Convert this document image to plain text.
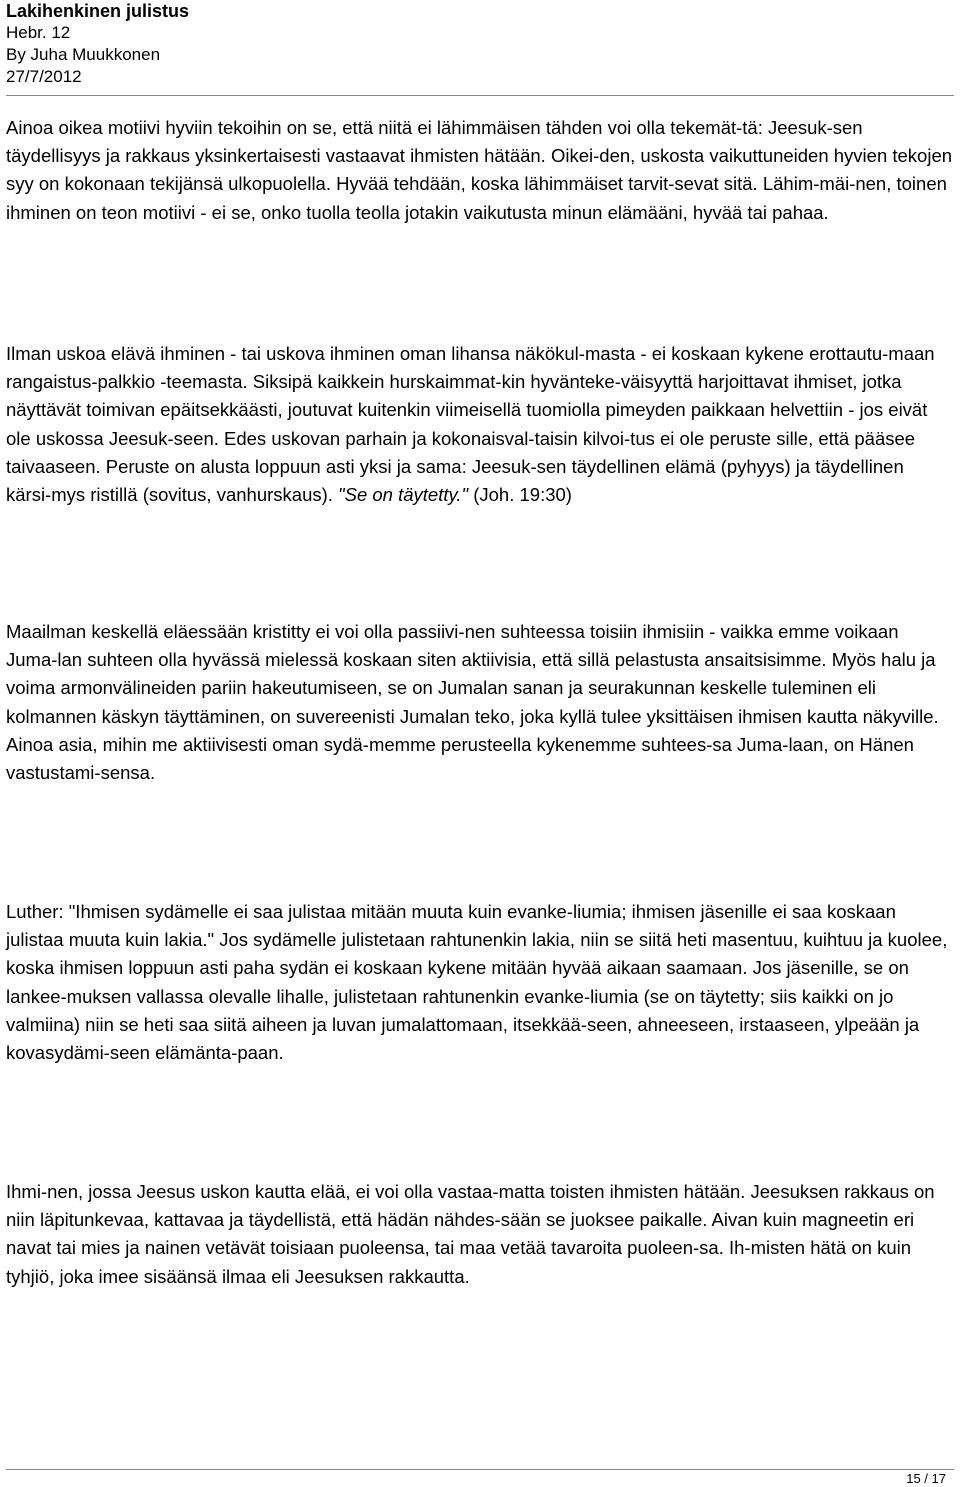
Lakihenkinen julistus

Hebr. 12

By Juha Muukkonen

27/7/2012

Ainoa oikea motiivi hyviin tekoihin on se, että niitä ei lähimmäisen tähden voi olla tekemät-tä: Jeesuk-sen täydellisyys ja rakkaus yksinkertaisesti vastaavat ihmisten hätään. Oikei-den, uskosta vaikuttuneiden hyvien tekojen syy on kokonaan tekijänsä ulkopuolella. Hyvää tehdään, koska lähimmäiset tarvit-sevat sitä. Lähim-mäi-nen, toinen ihminen on teon motiivi - ei se, onko tuolla teolla jotakin vaikutusta minun elämääni, hyvää tai pahaa.

Ilman uskoa elävä ihminen - tai uskova ihminen oman lihansa näkökul-masta - ei koskaan kykene erottautu-maan rangaistus-palkkio -teemasta. Siksipä kaikkein hurskaimmat-kin hyvänteke-väisyyttä harjoittavat ihmiset, jotka näyttävät toimivan epäitsekkäästi, joutuvat kuitenkin viimeisellä tuomiolla pimeyden paikkaan helvettiin - jos eivät ole uskossa Jeesuk-seen. Edes uskovan parhain ja kokonaisval-taisin kilvoi-tus ei ole peruste sille, että pääsee taivaaseen. Peruste on alusta loppuun asti yksi ja sama: Jeesuk-sen täydellinen elämä (pyhyys) ja täydellinen kärsi-mys ristillä (sovitus, vanhurskaus). "Se on täytetty." (Joh. 19:30)

Maailman keskellä eläessään kristitty ei voi olla passiivi-nen suhteessa toisiin ihmisiin - vaikka emme voikaan Juma-lan suhteen olla hyvässä mielessä koskaan siten aktiivisia, että sillä pelastusta ansaitsisimme. Myös halu ja voima armonvälineiden pariin hakeutumiseen, se on Jumalan sanan ja seurakunnan keskelle tuleminen eli kolmannen käskyn täyttäminen, on suvereenisti Jumalan teko, joka kyllä tulee yksittäisen ihmisen kautta näkyville. Ainoa asia, mihin me aktiivisesti oman sydä-memme perusteella kykenemme suhtees-sa Juma-laan, on Hänen vastustami-sensa.

Luther: "Ihmisen sydämelle ei saa julistaa mitään muuta kuin evanke-liumia; ihmisen jäsenille ei saa koskaan julistaa muuta kuin lakia." Jos sydämelle julistetaan rahtunenkin lakia, niin se siitä heti masentuu, kuihtuu ja kuolee, koska ihmisen loppuun asti paha sydän ei koskaan kykene mitään hyvää aikaan saamaan. Jos jäsenille, se on lankee-muksen vallassa olevalle lihalle, julistetaan rahtunenkin evanke-liumia (se on täytetty; siis kaikki on jo valmiina) niin se heti saa siitä aiheen ja luvan jumalattomaan, itsekkää-seen, ahneeseen, irstaaseen, ylpeään ja kovasydämi-seen elämänta-paan.

Ihmi-nen, jossa Jeesus uskon kautta elää, ei voi olla vastaa-matta toisten ihmisten hätään. Jeesuksen rakkaus on niin läpitunkevaa, kattavaa ja täydellistä, että hädän nähdes-sään se juoksee paikalle. Aivan kuin magneetin eri navat tai mies ja nainen vetävät toisiaan puoleensa, tai maa vetää tavaroita puoleen-sa. Ih-misten hätä on kuin tyhjiö, joka imee sisäänsä ilmaa eli Jeesuksen rakkautta.

15 / 17
